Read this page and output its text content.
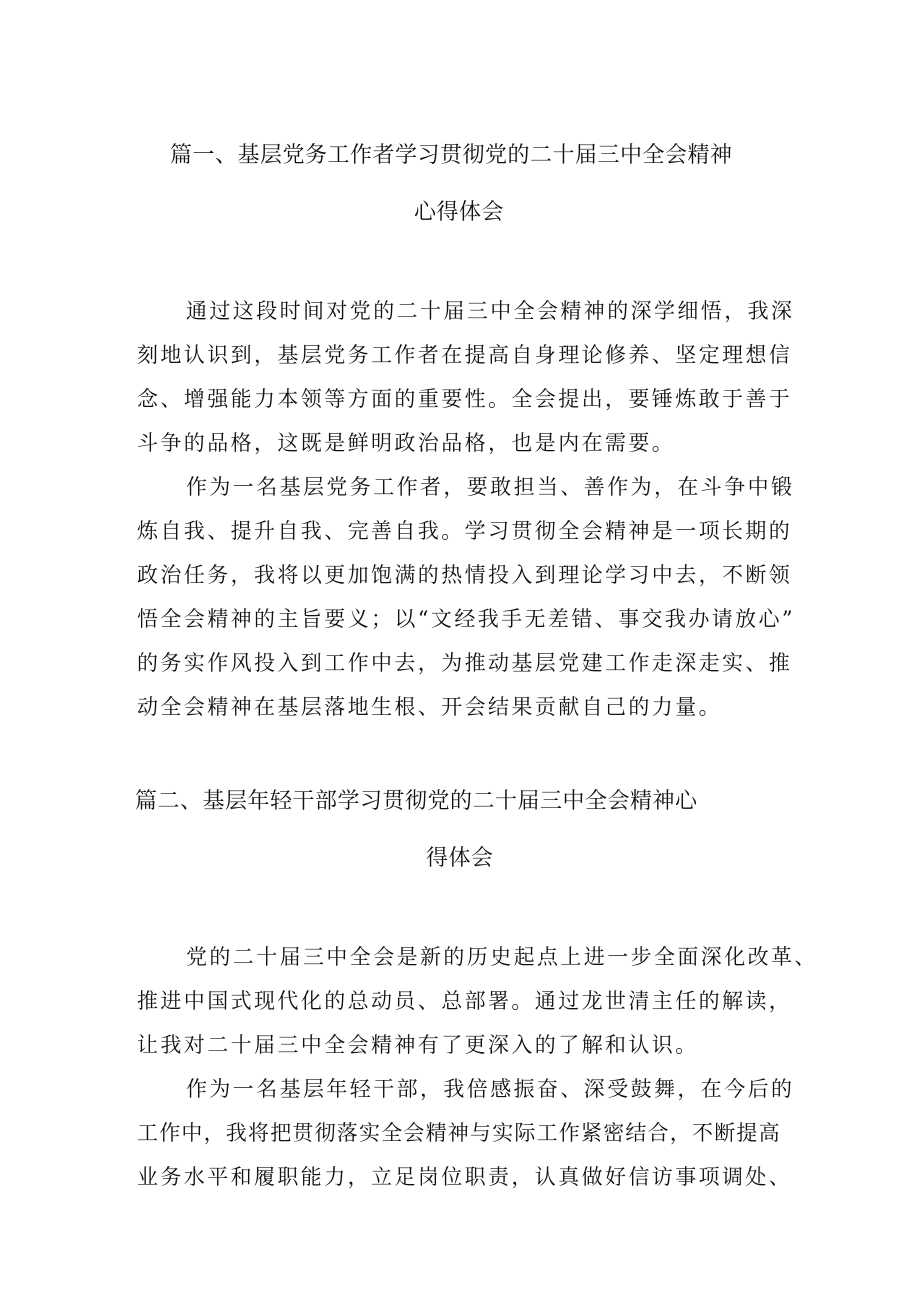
篇一、基层党务工作者学习贯彻党的二十届三中全会精神
心得体会

通过这段时间对党的二十届三中全会精神的深学细悟，我深

刻地认识到，基层党务工作者在提高自身理论修养、坚定理想信

念、增强能力本领等方面的重要性。全会提出，要锤炼敢于善于

斗争的品格，这既是鲜明政治品格，也是内在需要。

作为一名基层党务工作者，要敢担当、善作为，在斗争中锻

炼自我、提升自我、完善自我。学习贯彻全会精神是一项长期的

政治任务，我将以更加饱满的热情投入到理论学习中去，不断领

悟全会精神的主旨要义；以“文经我手无差错、事交我办请放心”

的务实作风投入到工作中去，为推动基层党建工作走深走实、推

动全会精神在基层落地生根、开会结果贡献自己的力量。

篇二、基层年轻干部学习贯彻党的二十届三中全会精神心
得体会

党的二十届三中全会是新的历史起点上进一步全面深化改革、

推进中国式现代化的总动员、总部署。通过龙世清主任的解读，

让我对二十届三中全会精神有了更深入的了解和认识。

作为一名基层年轻干部，我倍感振奋、深受鼓舞，在今后的

工作中，我将把贯彻落实全会精神与实际工作紧密结合，不断提高

业务水平和履职能力，立足岗位职责，认真做好信访事项调处、
